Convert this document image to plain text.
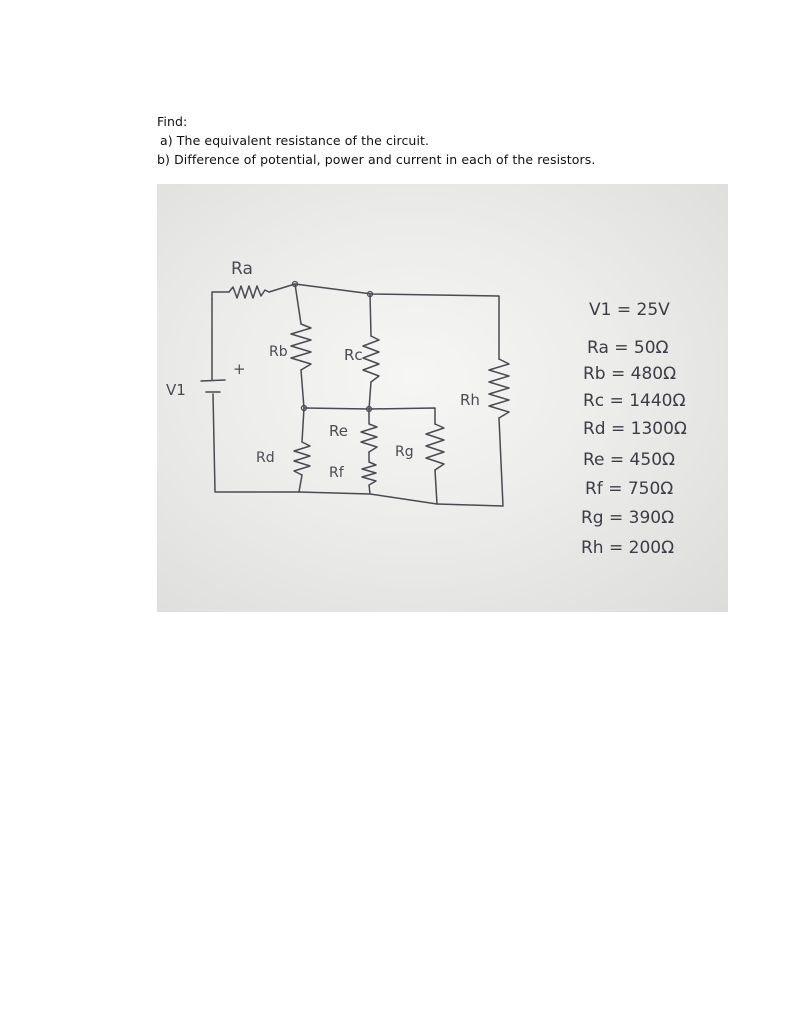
Find:
a) The equivalent resistance of the circuit.
b) Difference of potential, power and current in each of the resistors.
Ra
Rb	Rc
V1
+
Rh
Re
Rg
Rd
Rf
V1 = 25V
Ra = 50Ω
Rb = 480Ω
Rc = 1440Ω
Rd = 1300Ω
Re = 450Ω
Rf = 750Ω
Rg = 390Ω
Rh = 200Ω
